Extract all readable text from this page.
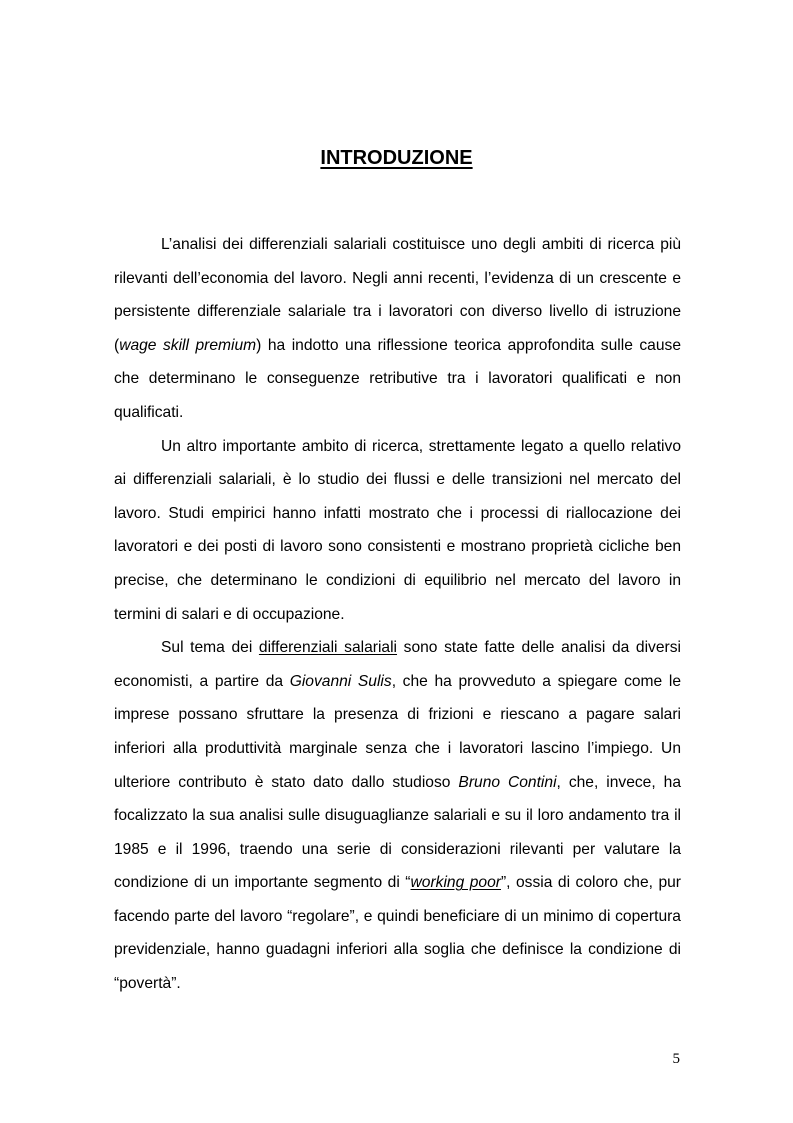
INTRODUZIONE

L’analisi dei differenziali salariali costituisce uno degli ambiti di ricerca più rilevanti dell’economia del lavoro. Negli anni recenti, l’evidenza di un crescente e persistente differenziale salariale tra i lavoratori con diverso livello di istruzione (wage skill premium) ha indotto una riflessione teorica approfondita sulle cause che determinano le conseguenze retributive tra i lavoratori qualificati e non qualificati.

Un altro importante ambito di ricerca, strettamente legato a quello relativo ai differenziali salariali, è lo studio dei flussi e delle transizioni nel mercato del lavoro. Studi empirici hanno infatti mostrato che i processi di riallocazione dei lavoratori e dei posti di lavoro sono consistenti e mostrano proprietà cicliche ben precise, che determinano le condizioni di equilibrio nel mercato del lavoro in termini di salari e di occupazione.

Sul tema dei differenziali salariali sono state fatte delle analisi da diversi economisti, a partire da Giovanni Sulis, che ha provveduto a spiegare come le imprese possano sfruttare la presenza di frizioni e riescano a pagare salari inferiori alla produttività marginale senza che i lavoratori lascino l’impiego. Un ulteriore contributo è stato dato dallo studioso Bruno Contini, che, invece, ha focalizzato la sua analisi sulle disuguaglianze salariali e su il loro andamento tra il 1985 e il 1996, traendo una serie di considerazioni rilevanti per valutare la condizione di un importante segmento di “working poor”, ossia di coloro che, pur facendo parte del lavoro “regolare”, e quindi beneficiare di un minimo di copertura previdenziale, hanno guadagni inferiori alla soglia che definisce la condizione di “povertà”.

5
